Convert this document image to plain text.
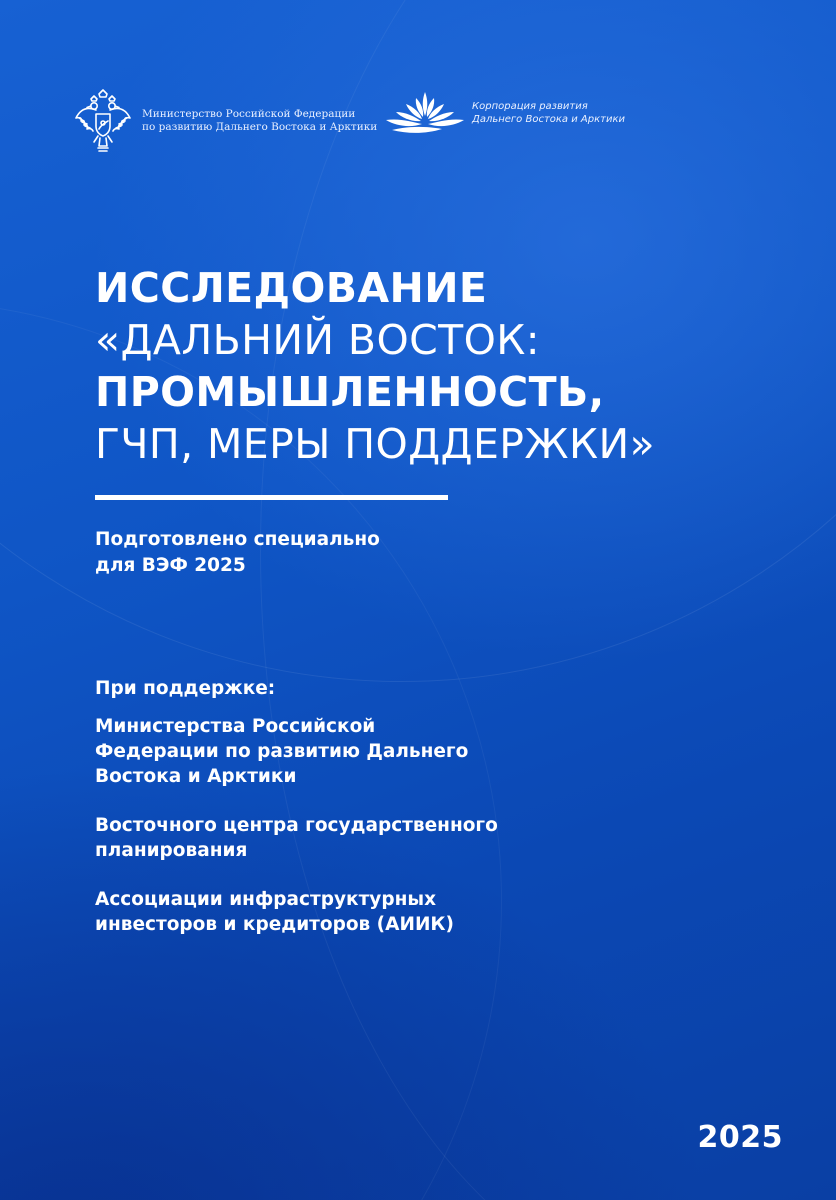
Министерство Российской Федерации
по развитию Дальнего Востока и Арктики
Корпорация развития
Дальнего Востока и Арктики
ИССЛЕДОВАНИЕ
«ДАЛЬНИЙ ВОСТОК:
ПРОМЫШЛЕННОСТЬ,
ГЧП, МЕРЫ ПОДДЕРЖКИ»
Подготовлено специально
для ВЭФ 2025
При поддержке:
Министерства Российской
Федерации по развитию Дальнего
Востока и Арктики
Восточного центра государственного
планирования
Ассоциации инфраструктурных
инвесторов и кредиторов (АИИК)
2025
